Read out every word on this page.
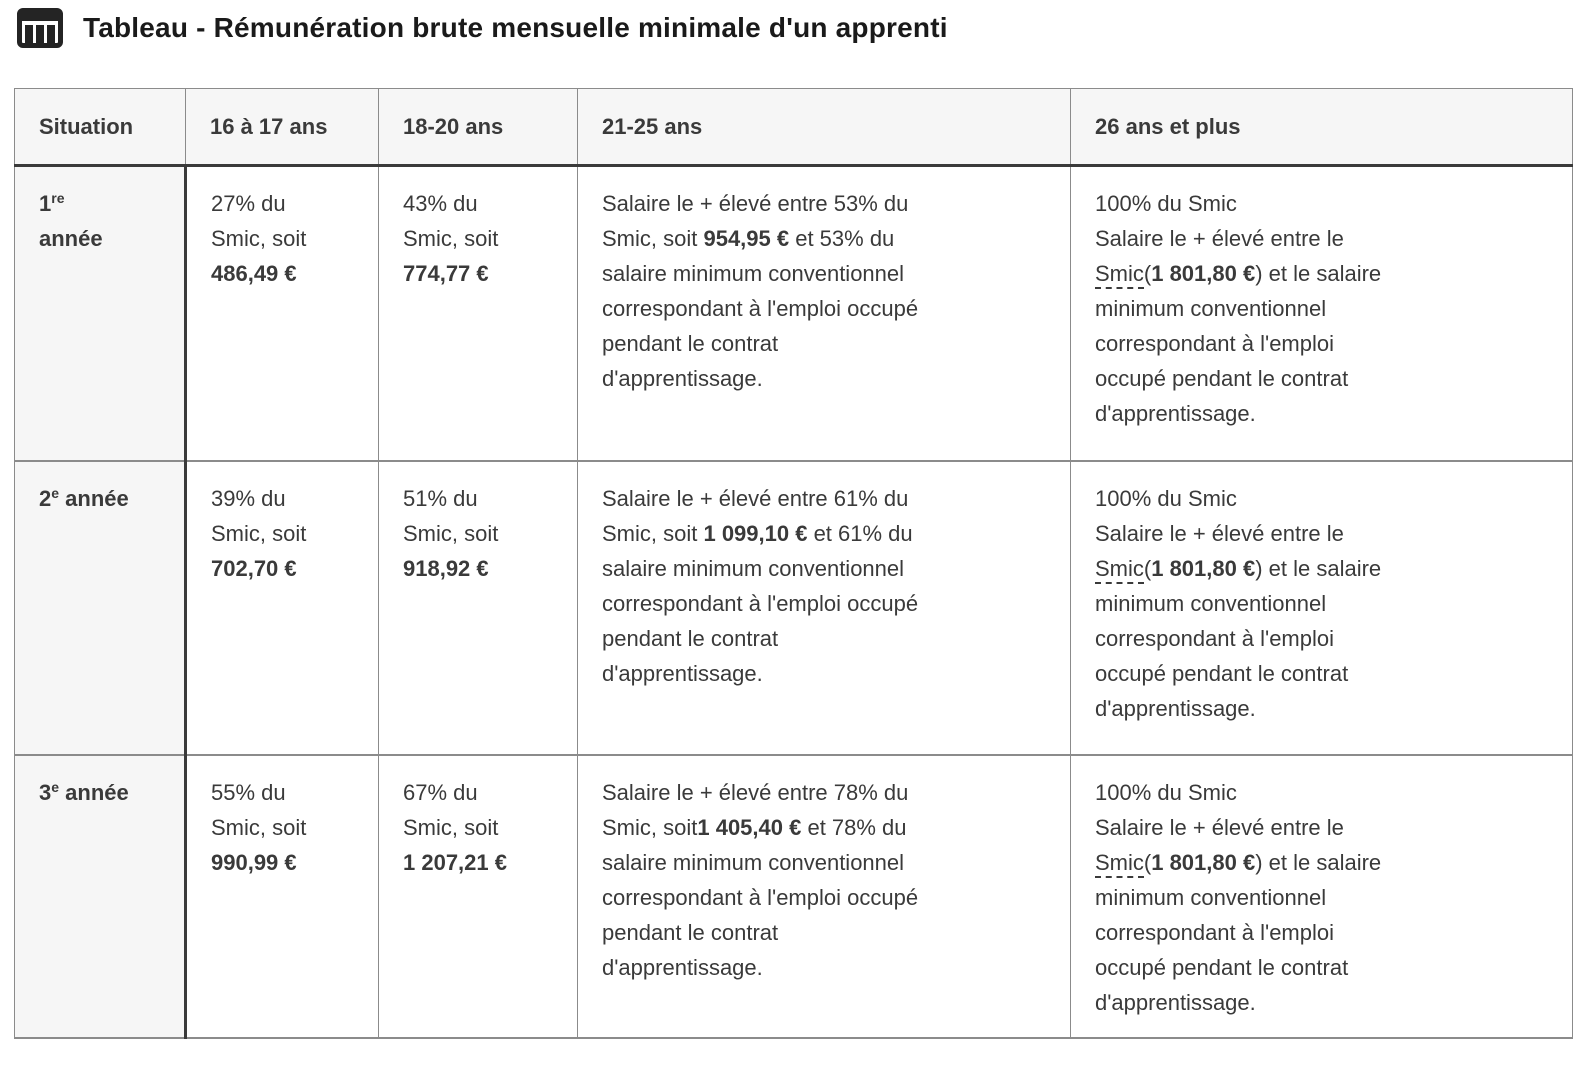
Tableau - Rémunération brute mensuelle minimale d'un apprenti
Situation	16 à 17 ans	18-20 ans	21-25 ans	26 ans et plus
1re
année	27% du
Smic, soit
486,49 €	43% du
Smic, soit
774,77 €	Salaire le + élevé entre 53% du
Smic, soit 954,95 € et 53% du
salaire minimum conventionnel
correspondant à l'emploi occupé
pendant le contrat
d'apprentissage.	100% du Smic
Salaire le + élevé entre le
Smic(1 801,80 €) et le salaire
minimum conventionnel
correspondant à l'emploi
occupé pendant le contrat
d'apprentissage.
2e année	39% du
Smic, soit
702,70 €	51% du
Smic, soit
918,92 €	Salaire le + élevé entre 61% du
Smic, soit 1 099,10 € et 61% du
salaire minimum conventionnel
correspondant à l'emploi occupé
pendant le contrat
d'apprentissage.	100% du Smic
Salaire le + élevé entre le
Smic(1 801,80 €) et le salaire
minimum conventionnel
correspondant à l'emploi
occupé pendant le contrat
d'apprentissage.
3e année	55% du
Smic, soit
990,99 €	67% du
Smic, soit
1 207,21 €	Salaire le + élevé entre 78% du
Smic, soit1 405,40 € et 78% du
salaire minimum conventionnel
correspondant à l'emploi occupé
pendant le contrat
d'apprentissage.	100% du Smic
Salaire le + élevé entre le
Smic(1 801,80 €) et le salaire
minimum conventionnel
correspondant à l'emploi
occupé pendant le contrat
d'apprentissage.
